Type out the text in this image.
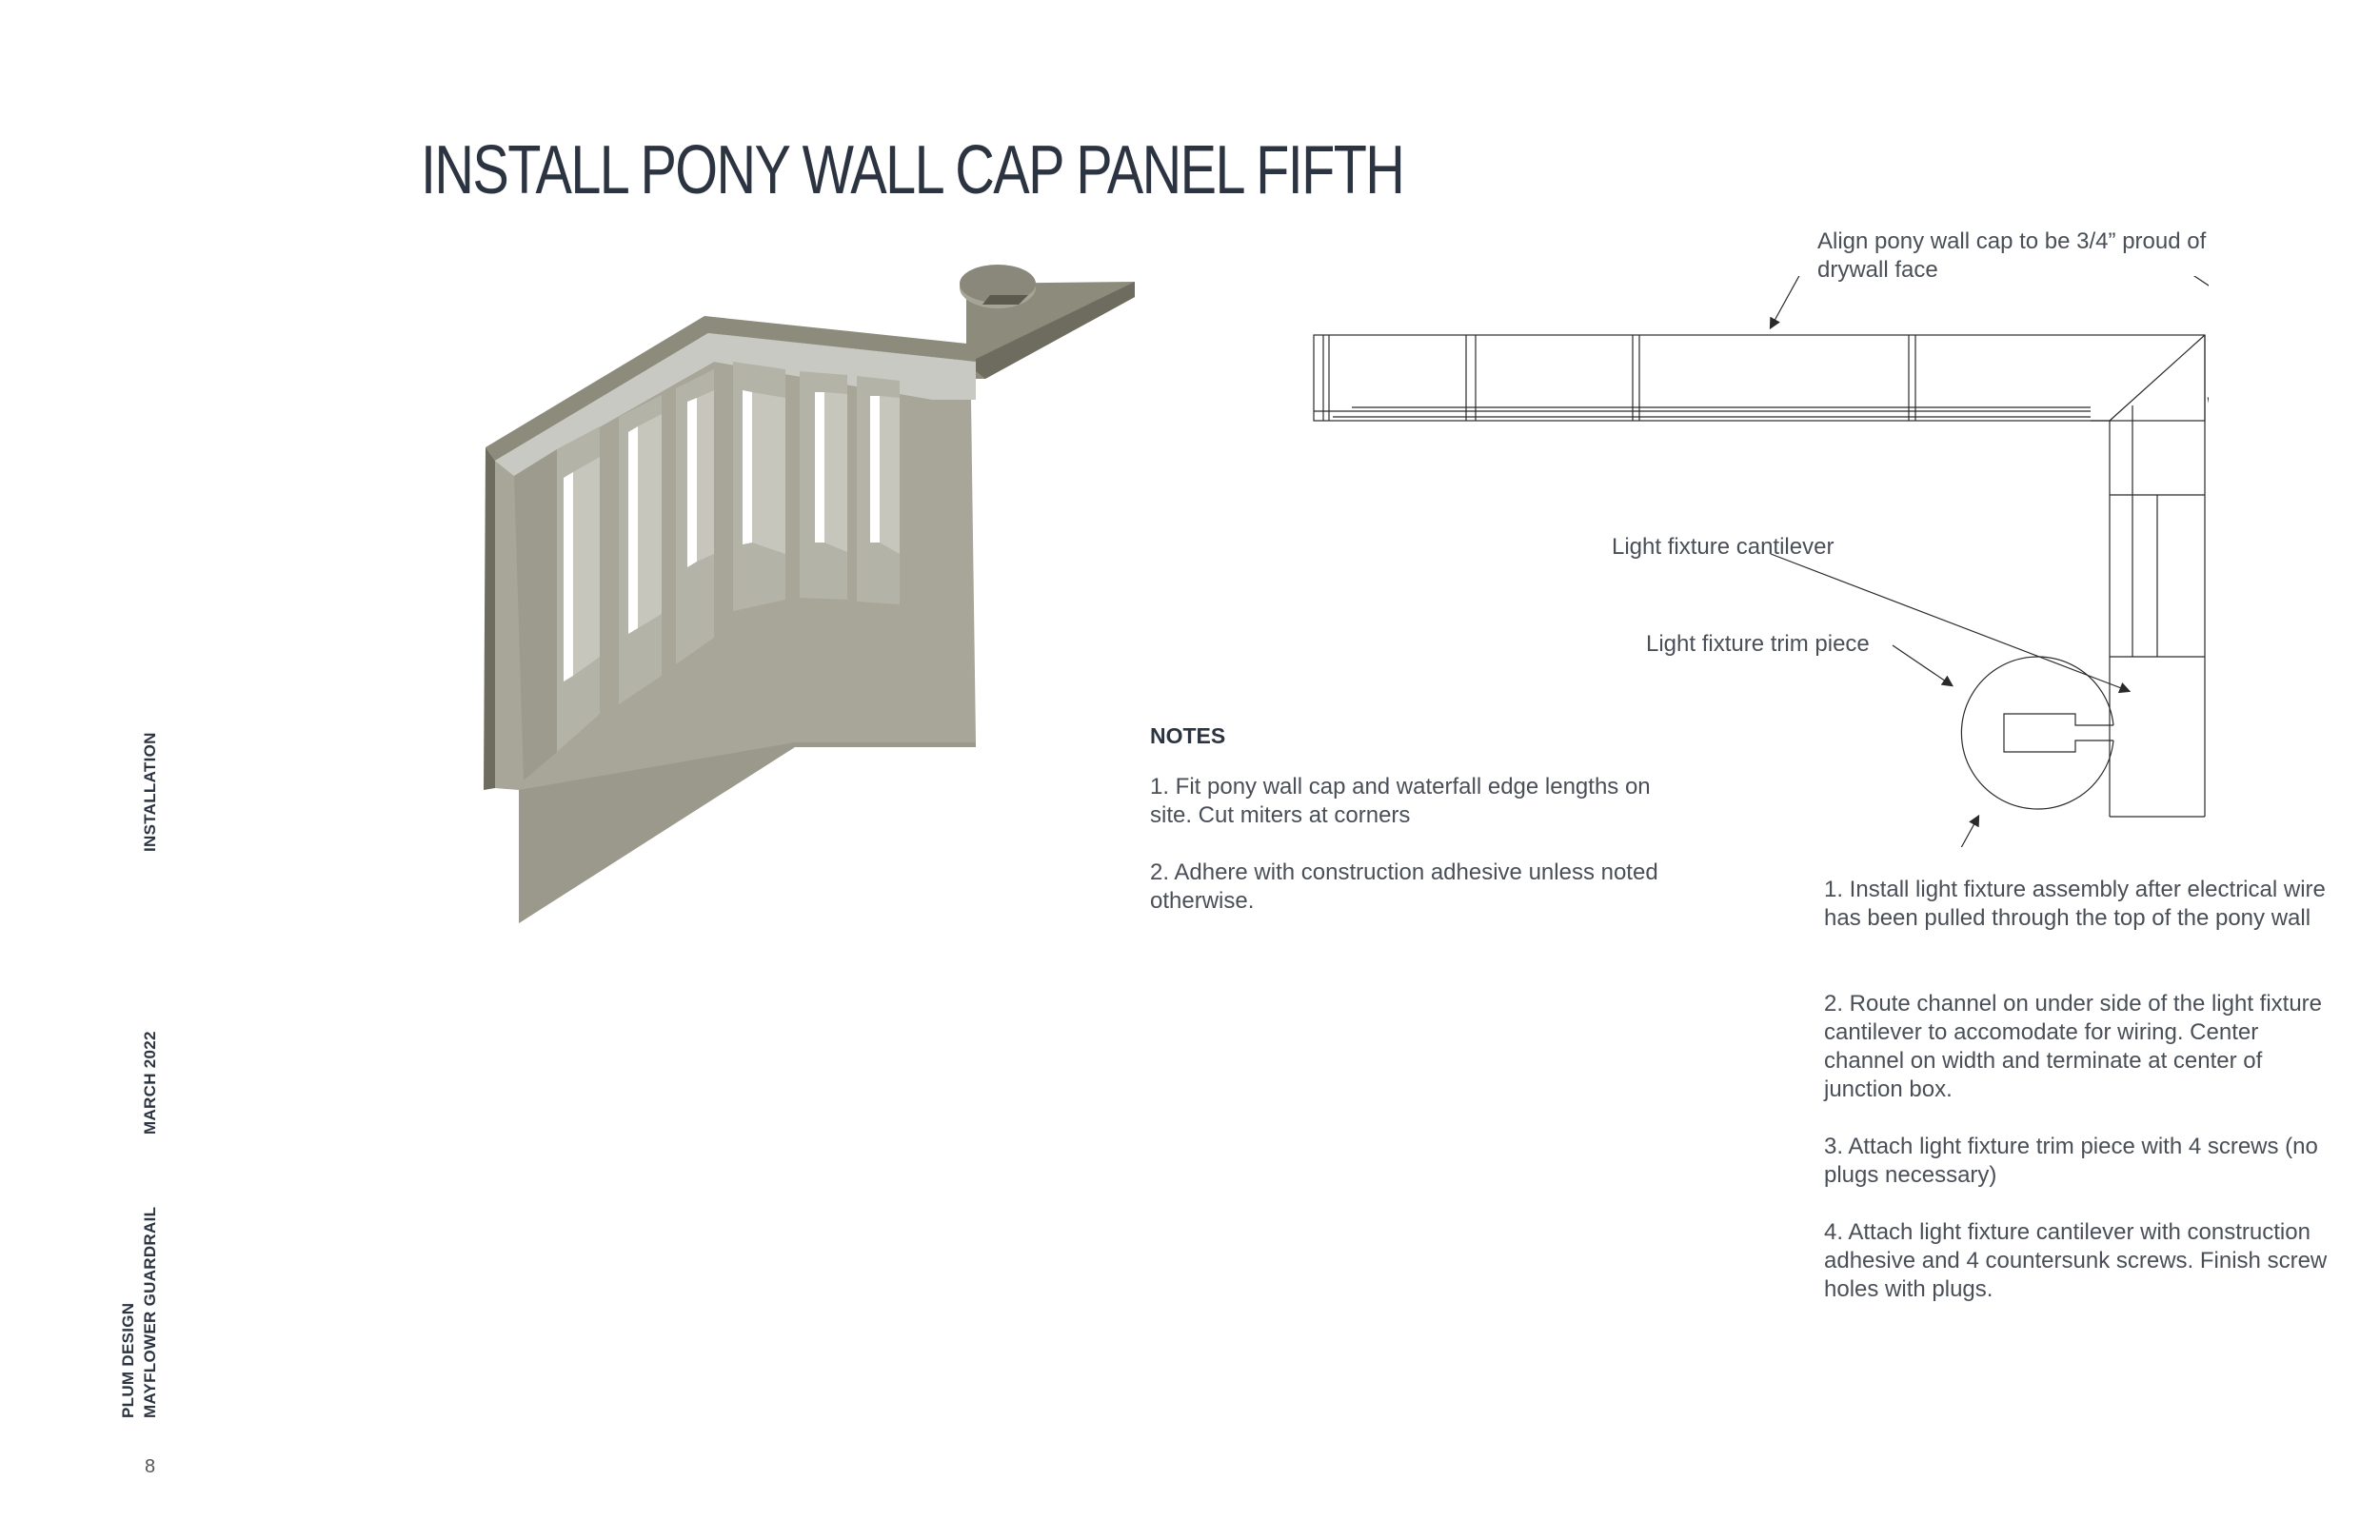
INSTALL PONY WALL CAP PANEL FIFTH
INSTALLATION
MARCH 2022
MAYFLOWER GUARDRAIL
PLUM DESIGN
8
Align pony wall cap to be 3/4” proud of drywall face
Light fixture cantilever
Light fixture trim piece
NOTES
1. Fit pony wall cap and waterfall edge lengths on site. Cut miters at corners
2. Adhere with construction adhesive unless noted otherwise.	1. Install light fixture assembly after electrical wire has been pulled through the top of the pony wall
2. Route channel on under side of the light fixture cantilever to accomodate for wiring. Center channel on width and terminate at center of junction box.
3. Attach light fixture trim piece with 4 screws (no plugs necessary)
4. Attach light fixture cantilever with construction adhesive and 4 countersunk screws. Finish screw holes with plugs.
